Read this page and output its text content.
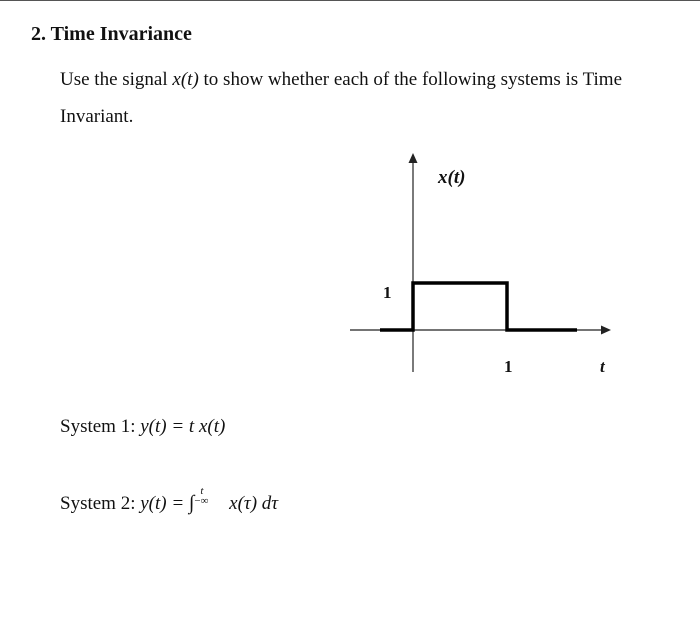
2. Time Invariance
Use the signal x(t) to show whether each of the following systems is Time
Invariant.
x(t)
1
1	t
System 1: y(t) = t x(t)
System 2: y(t) = ∫
t
−∞ x(τ) dτ
